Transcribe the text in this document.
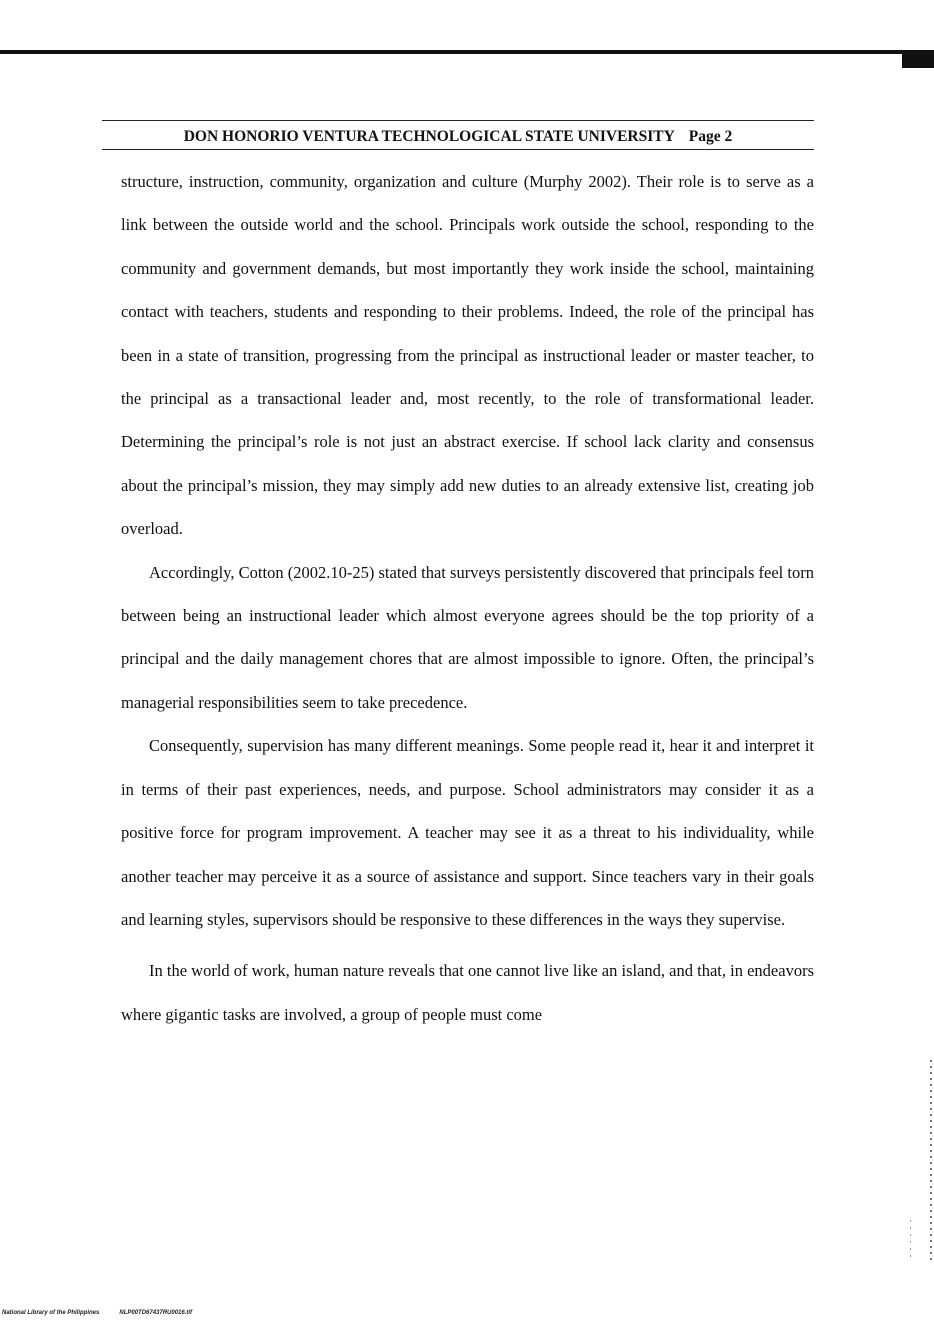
DON HONORIO VENTURA TECHNOLOGICAL STATE UNIVERSITY Page 2

structure, instruction, community, organization and culture (Murphy 2002). Their role is to serve as a link between the outside world and the school. Principals work outside the school, responding to the community and government demands, but most importantly they work inside the school, maintaining contact with teachers, students and responding to their problems. Indeed, the role of the principal has been in a state of transition, progressing from the principal as instructional leader or master teacher, to the principal as a transactional leader and, most recently, to the role of transformational leader. Determining the principal’s role is not just an abstract exercise. If school lack clarity and consensus about the principal’s mission, they may simply add new duties to an already extensive list, creating job overload.

Accordingly, Cotton (2002.10-25) stated that surveys persistently discovered that principals feel torn between being an instructional leader which almost everyone agrees should be the top priority of a principal and the daily management chores that are almost impossible to ignore. Often, the principal’s managerial responsibilities seem to take precedence.

Consequently, supervision has many different meanings. Some people read it, hear it and interpret it in terms of their past experiences, needs, and purpose. School administrators may consider it as a positive force for program improvement. A teacher may see it as a threat to his individuality, while another teacher may perceive it as a source of assistance and support. Since teachers vary in their goals and learning styles, supervisors should be responsive to these differences in the ways they supervise.

In the world of work, human nature reveals that one cannot live like an island, and that, in endeavors where gigantic tasks are involved, a group of people must come

National Library of the Philippines	NLP00TD67437RU0016.tif
